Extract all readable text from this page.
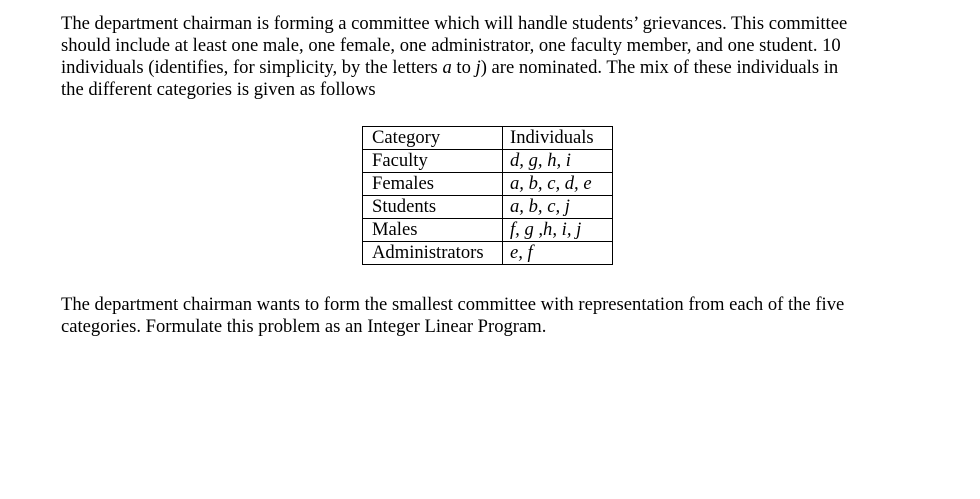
The department chairman is forming a committee which will handle students’ grievances. This committee
should include at least one male, one female, one administrator, one faculty member, and one student. 10
individuals (identifies, for simplicity, by the letters a to j) are nominated. The mix of these individuals in
the different categories is given as follows
Category	Individuals
Faculty	d, g, h, i
Females	a, b, c, d, e
Students	a, b, c, j
Males	f, g ,h, i, j
Administrators	e, f
The department chairman wants to form the smallest committee with representation from each of the five
categories. Formulate this problem as an Integer Linear Program.
